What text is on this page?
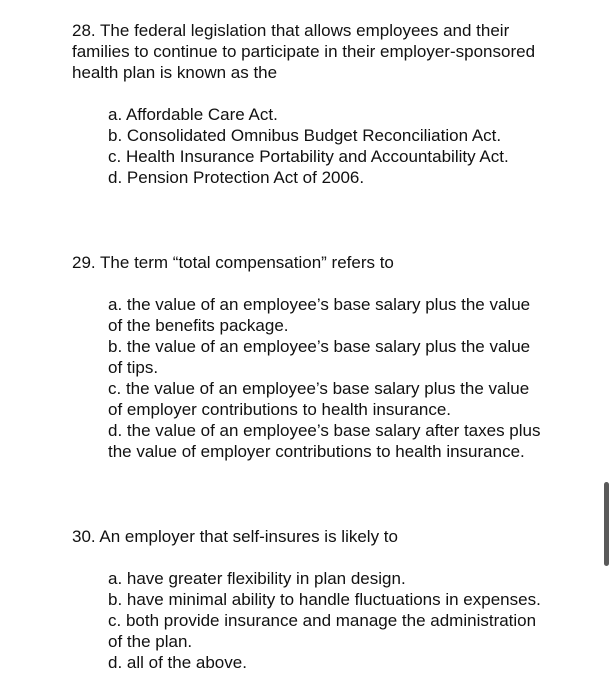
28. The federal legislation that allows employees and their families to continue to participate in their employer-sponsored health plan is known as the

a. Affordable Care Act.
b. Consolidated Omnibus Budget Reconciliation Act.
c. Health Insurance Portability and Accountability Act.
d. Pension Protection Act of 2006.

29. The term “total compensation” refers to

a. the value of an employee’s base salary plus the value of the benefits package.
b. the value of an employee’s base salary plus the value of tips.
c. the value of an employee’s base salary plus the value of employer contributions to health insurance.
d. the value of an employee’s base salary after taxes plus the value of employer contributions to health insurance.

30. An employer that self-insures is likely to

a. have greater flexibility in plan design.
b. have minimal ability to handle fluctuations in expenses.
c. both provide insurance and manage the administration of the plan.
d. all of the above.
